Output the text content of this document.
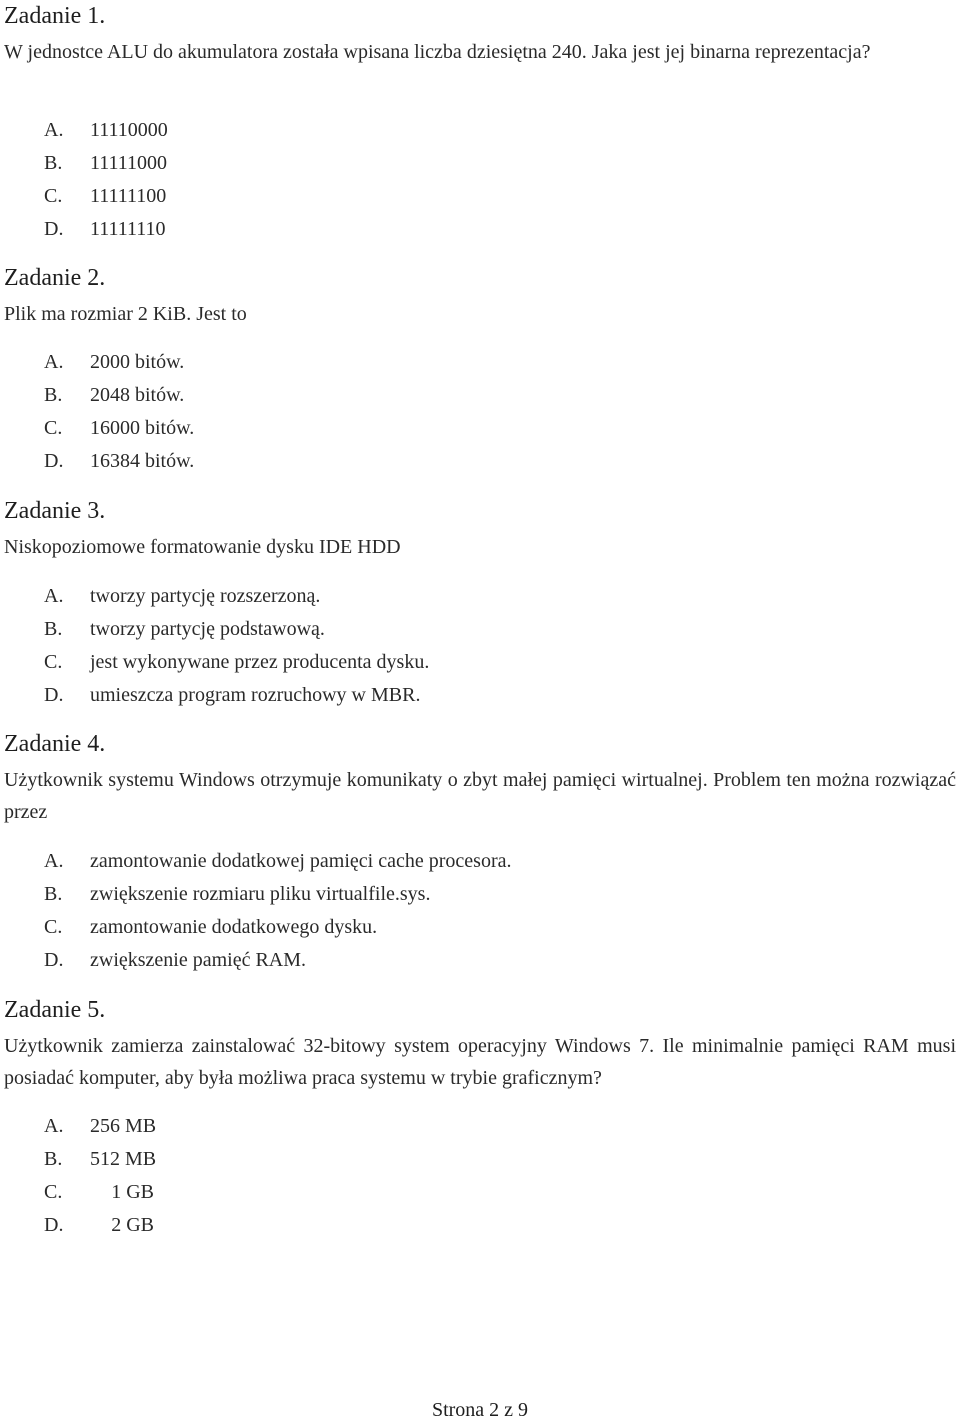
Zadanie 1.

W jednostce ALU do akumulatora została wpisana liczba dziesiętna 240. Jaka jest jej binarna reprezentacja?

A. 11110000
B. 11111000
C. 11111100
D. 11111110
Zadanie 2.

Plik ma rozmiar 2 KiB. Jest to

A. 2000 bitów.
B. 2048 bitów.
C. 16000 bitów.
D. 16384 bitów.
Zadanie 3.

Niskopoziomowe formatowanie dysku IDE HDD

A. tworzy partycję rozszerzoną.
B. tworzy partycję podstawową.
C. jest wykonywane przez producenta dysku.
D. umieszcza program rozruchowy w MBR.
Zadanie 4.

Użytkownik systemu Windows otrzymuje komunikaty o zbyt małej pamięci wirtualnej. Problem ten można rozwiązać przez

A. zamontowanie dodatkowej pamięci cache procesora.
B. zwiększenie rozmiaru pliku virtualfile.sys.
C. zamontowanie dodatkowego dysku.
D. zwiększenie pamięć RAM.
Zadanie 5.

Użytkownik zamierza zainstalować 32-bitowy system operacyjny Windows 7. Ile minimalnie pamięci RAM musi posiadać komputer, aby była możliwa praca systemu w trybie graficznym?

A. 256 MB
B. 512 MB
C. 1 GB
D. 2 GB
Strona 2 z 9
